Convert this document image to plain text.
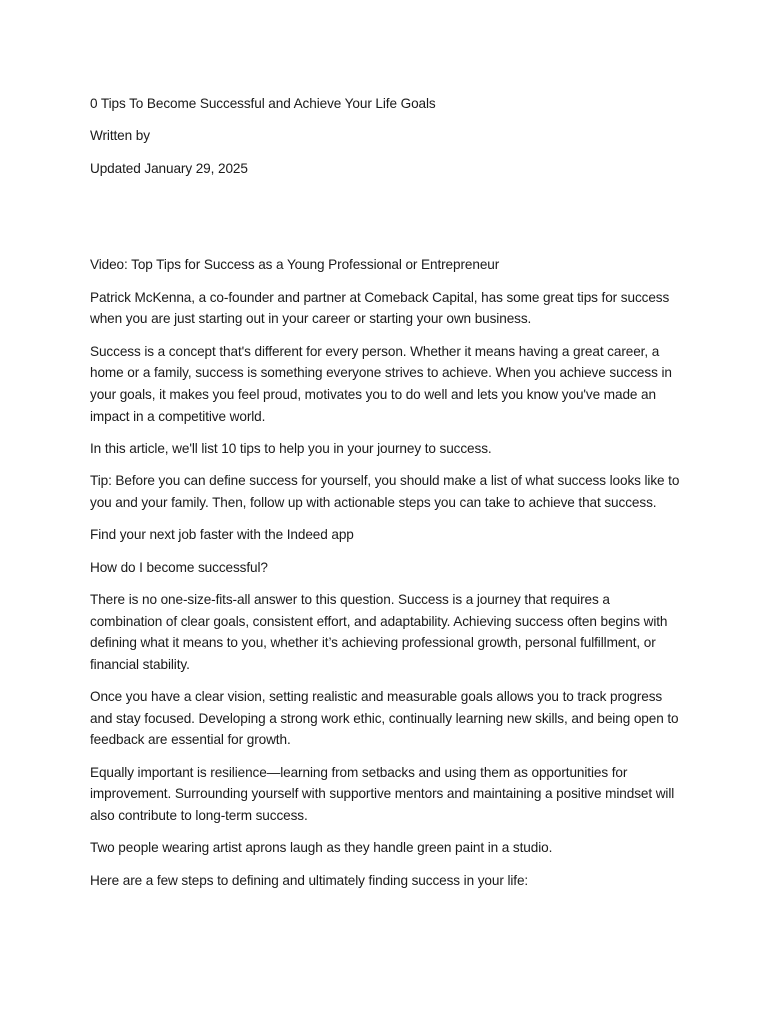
0 Tips To Become Successful and Achieve Your Life Goals

Written by

Updated January 29, 2025

Video: Top Tips for Success as a Young Professional or Entrepreneur

Patrick McKenna, a co-founder and partner at Comeback Capital, has some great tips for success when you are just starting out in your career or starting your own business.

Success is a concept that's different for every person. Whether it means having a great career, a home or a family, success is something everyone strives to achieve. When you achieve success in your goals, it makes you feel proud, motivates you to do well and lets you know you've made an impact in a competitive world.

In this article, we'll list 10 tips to help you in your journey to success.

Tip: Before you can define success for yourself, you should make a list of what success looks like to you and your family. Then, follow up with actionable steps you can take to achieve that success.

Find your next job faster with the Indeed app

How do I become successful?

There is no one-size-fits-all answer to this question. Success is a journey that requires a combination of clear goals, consistent effort, and adaptability. Achieving success often begins with defining what it means to you, whether it’s achieving professional growth, personal fulfillment, or financial stability.

Once you have a clear vision, setting realistic and measurable goals allows you to track progress and stay focused. Developing a strong work ethic, continually learning new skills, and being open to feedback are essential for growth.

Equally important is resilience—learning from setbacks and using them as opportunities for improvement. Surrounding yourself with supportive mentors and maintaining a positive mindset will also contribute to long-term success.

Two people wearing artist aprons laugh as they handle green paint in a studio.

Here are a few steps to defining and ultimately finding success in your life:
